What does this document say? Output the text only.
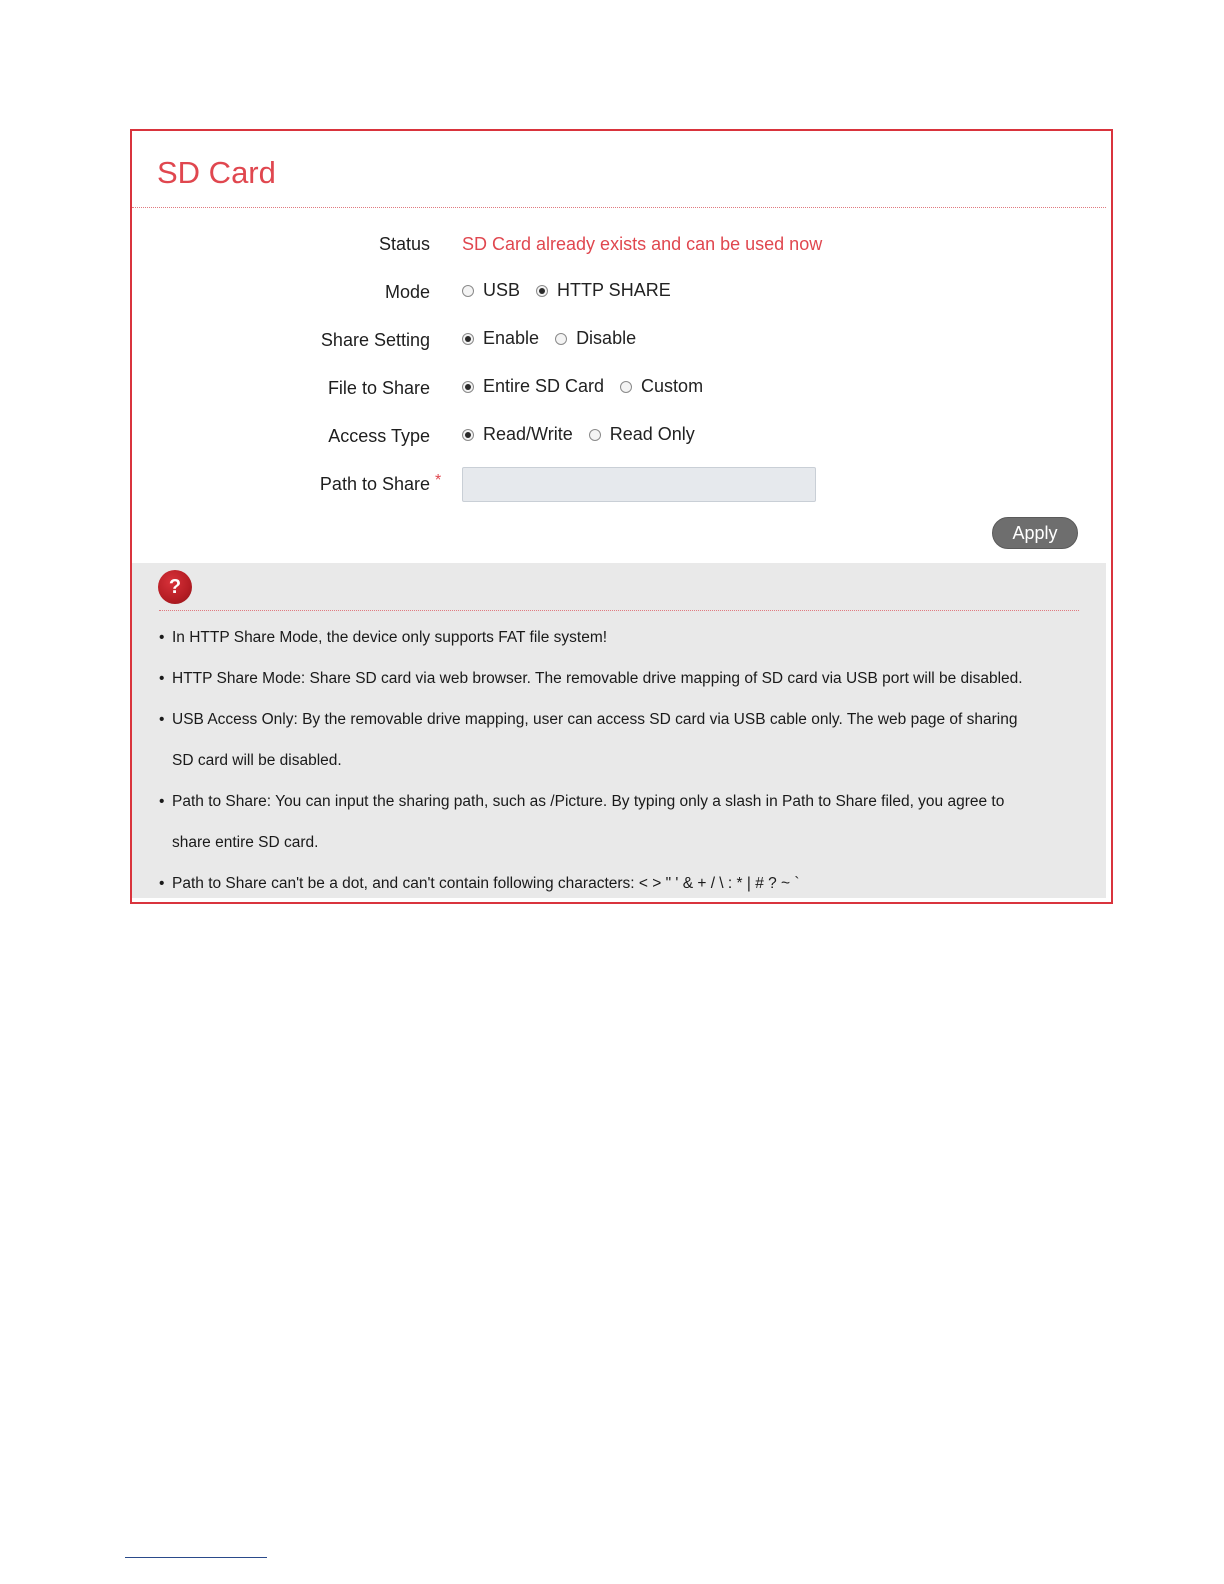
SD Card
Status SD Card already exists and can be used now
Mode	USB HTTP SHARE
Share Setting	Enable Disable
File to Share	Entire SD Card Custom
Access Type	Read/Write Read Only
Path to Share *
Apply
?
• In HTTP Share Mode, the device only supports FAT file system!
• HTTP Share Mode: Share SD card via web browser. The removable drive mapping of SD card via USB port will be disabled.
• USB Access Only: By the removable drive mapping, user can access SD card via USB cable only. The web page of sharing
SD card will be disabled.
• Path to Share: You can input the sharing path, such as /Picture. By typing only a slash in Path to Share filed, you agree to
share entire SD card.
• Path to Share can't be a dot, and can't contain following characters: < > " ' & + / \ : * | # ? ~ `
